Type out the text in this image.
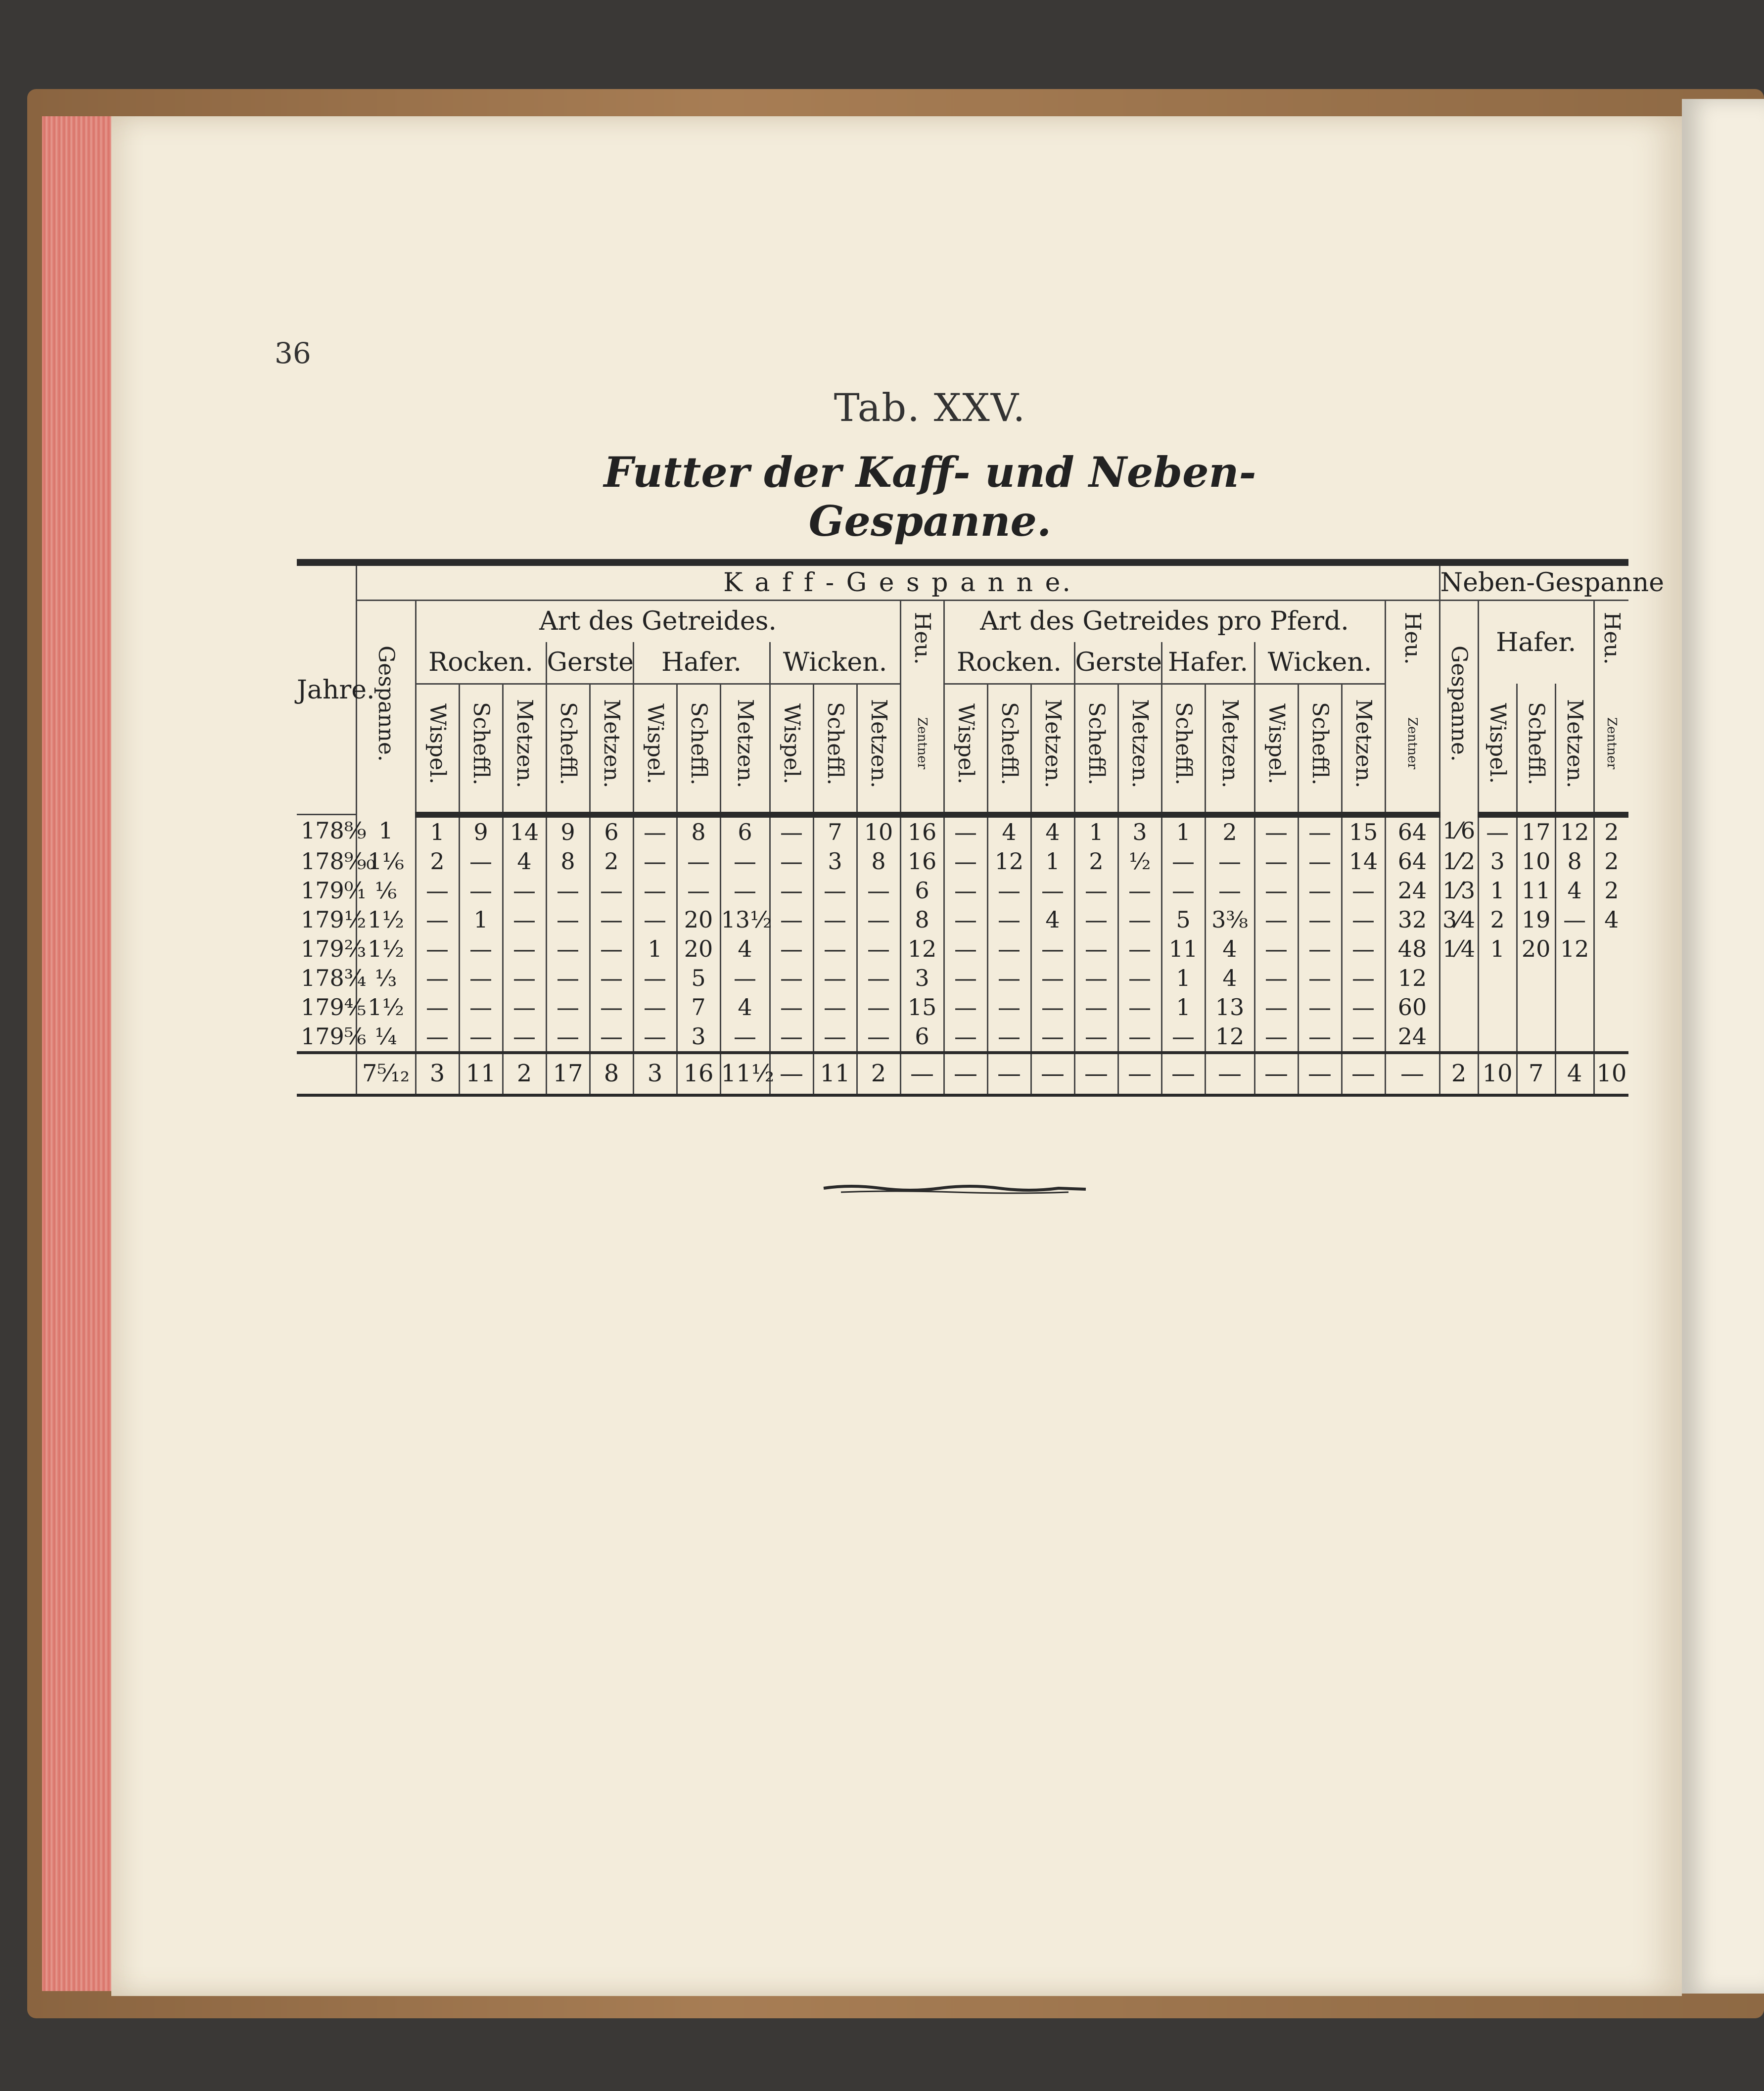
36
Tab. XXV.
Futter der Kaff- und Neben-Gespanne.
Jahre.	K a f f - G e s p a n n e.																								Neben-Gespanne				
	Gespanne.	Art des Getreides.											Heu.	Art des Getreides pro Pferd.										Heu.	Gespanne.	Hafer.			Heu.
		Rocken.			Gerste		Hafer.			Wicken.				Rocken.			Gerste		Hafer.		Wicken.								
		Wispel.	Scheffl.	Metzen.	Scheffl.	Metzen.	Wispel.	Scheffl.	Metzen.	Wispel.	Scheffl.	Metzen.	Zentner	Wispel.	Scheffl.	Metzen.	Scheffl.	Metzen.	Scheffl.	Metzen.	Wispel.	Scheffl.	Metzen.	Zentner		Wispel.	Scheffl.	Metzen.	Zentner
178⁸⁄₉	1	1	9	14	9	6	—	8	6	—	7	10	16	—	4	4	1	3	1	2	—	—	15	64	1⁄6	—	17	12	2
178⁹⁄₉₀	1⅙	2	—	4	8	2	—	—	—	—	3	8	16	—	12	1	2	½	—	—	—	—	14	64	1⁄2	3	10	8	2
179⁰⁄₁	⅙	—	—	—	—	—	—	—	—	—	—	—	6	—	—	—	—	—	—	—	—	—	—	24	1⁄3	1	11	4	2
179¹⁄₂	1½	—	1	—	—	—	—	20	13½	—	—	—	8	—	—	4	—	—	5	3⅜	—	—	—	32	3⁄4	2	19	—	4
179²⁄₃	1½	—	—	—	—	—	1	20	4	—	—	—	12	—	—	—	—	—	11	4	—	—	—	48	1⁄4	1	20	12	
178³⁄₄	⅓	—	—	—	—	—	—	5	—	—	—	—	3	—	—	—	—	—	1	4	—	—	—	12					
179⁴⁄₅	1½	—	—	—	—	—	—	7	4	—	—	—	15	—	—	—	—	—	1	13	—	—	—	60					
179⁵⁄₆	¼	—	—	—	—	—	—	3	—	—	—	—	6	—	—	—	—	—	—	12	—	—	—	24					
	7⁵⁄₁₂	3	11	2	17	8	3	16	11½	—	11	2	—	—	—	—	—	—	—	—	—	—	—	—	2	10	7	4	10
